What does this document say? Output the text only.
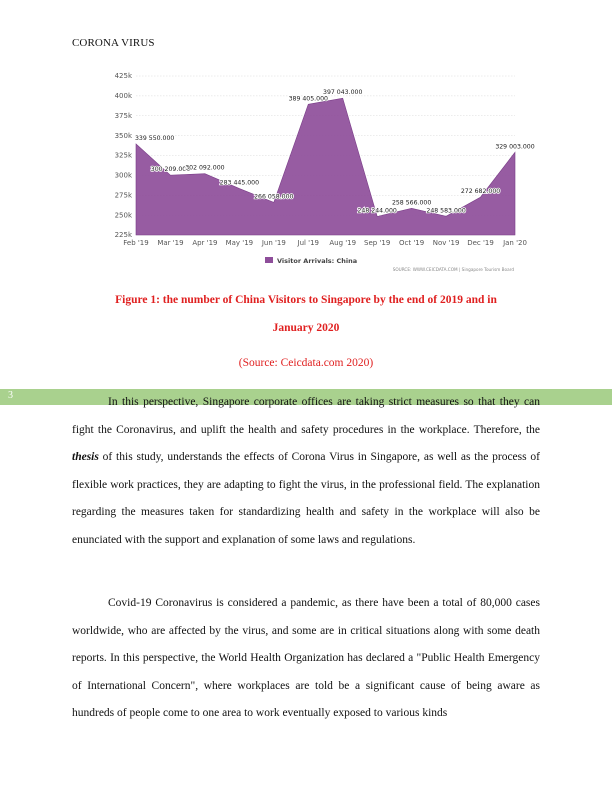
CORONA VIRUS
225k
250k
275k
300k
325k
350k
375k
400k
425k
Feb '19 Mar '19 Apr '19 May '19 Jun '19 Jul '19 Aug '19 Sep '19 Oct '19 Nov '19 Dec '19 Jan '20
339 550.000
300 209.000
302 092.000
283 445.000
266 058.000
389 405.000
397 043.000
248 244.000
258 566.000
248 583.000
272 682.000
329 003.000
Visitor Arrivals: China
SOURCE: WWW.CEICDATA.COM | Singapore Tourism Board
Figure 1: the number of China Visitors to Singapore by the end of 2019 and in
January 2020
(Source: Ceicdata.com 2020)
3

In this perspective, Singapore corporate offices are taking strict measures so that they can fight the Coronavirus, and uplift the health and safety procedures in the workplace. Therefore, the thesis of this study, understands the effects of Corona Virus in Singapore, as well as the process of flexible work practices, they are adapting to fight the virus, in the professional field. The explanation regarding the measures taken for standardizing health and safety in the workplace will also be enunciated with the support and explanation of some laws and regulations.

Covid-19 Coronavirus is considered a pandemic, as there have been a total of 80,000 cases worldwide, who are affected by the virus, and some are in critical situations along with some death reports. In this perspective, the World Health Organization has declared a "Public Health Emergency of International Concern", where workplaces are told be a significant cause of being aware as hundreds of people come to one area to work eventually exposed to various kinds
